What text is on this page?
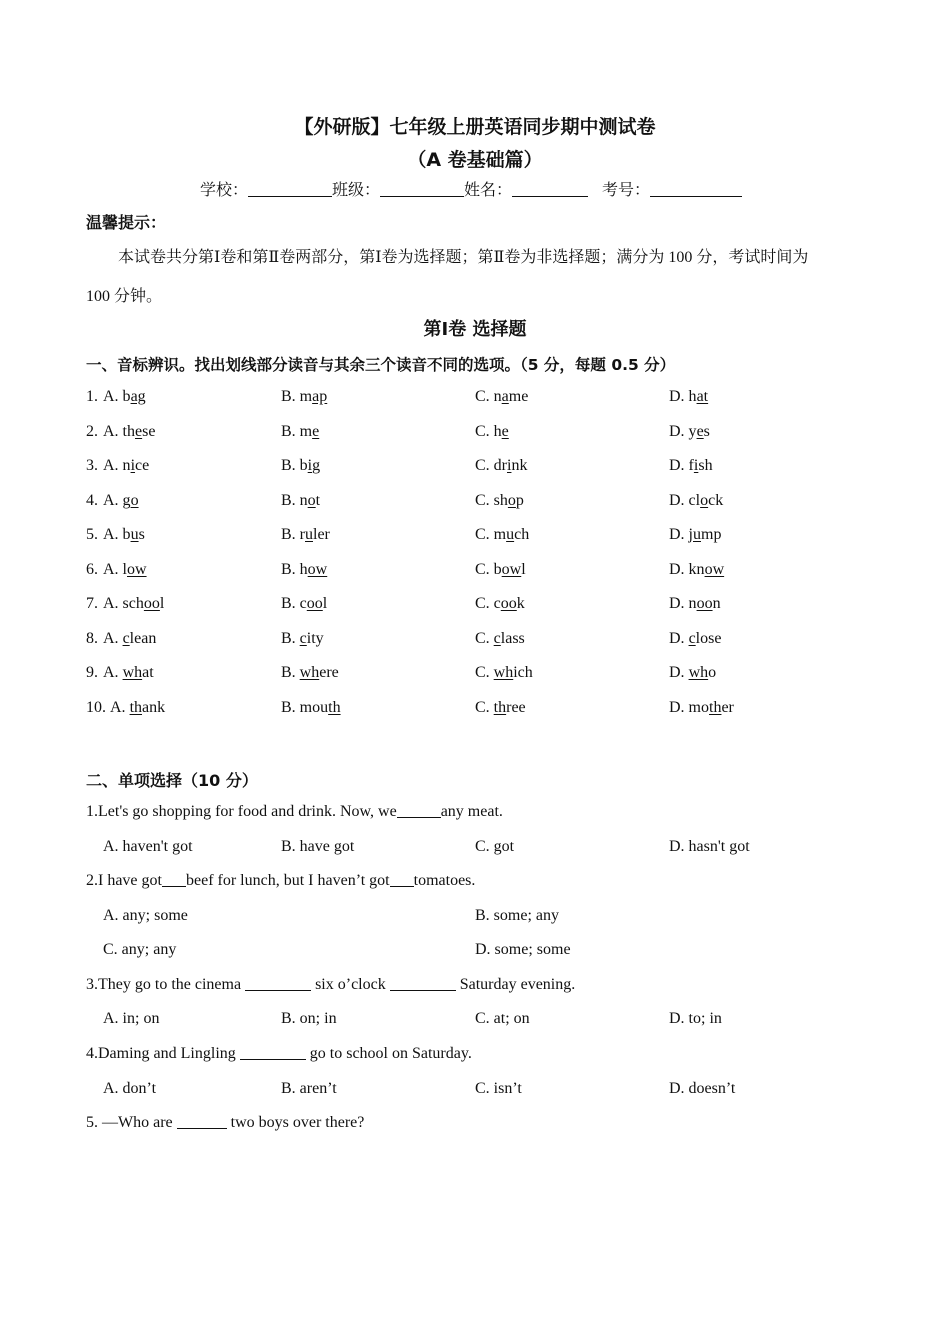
【外研版】七年级上册英语同步期中测试卷
（A 卷基础篇）
学校：	班级：	姓名：	考号：
温馨提示：
本试卷共分第Ⅰ卷和第Ⅱ卷两部分，第Ⅰ卷为选择题；第Ⅱ卷为非选择题；满分为 100 分，考试时间为
100 分钟。
第Ⅰ卷 选择题
一、音标辨识。找出划线部分读音与其余三个读音不同的选项。（5 分，每题 0.5 分）
1. A. bag	B. map	C. name	D. hat
2. A. these	B. me	C. he	D. yes
3. A. nice	B. big	C. drink	D. fish
4. A. go	B. not	C. shop	D. clock
5. A. bus	B. ruler	C. much	D. jump
6. A. low	B. how	C. bowl	D. know
7. A. school	B. cool	C. cook	D. noon
8. A. clean	B. city	C. class	D. close
9. A. what	B. where	C. which	D. who
10. A. thank	B. mouth	C. three	D. mother
二、单项选择（10 分）
1.Let's go shopping for food and drink. Now, we	any meat.
A. haven't got	B. have got	C. got	D. hasn't got
2.I have got beef for lunch, but I haven’t got tomatoes.
A. any; some	B. some; any
C. any; any	D. some; some
3.They go to the cinema	six o’clock	Saturday evening.
A. in; on	B. on; in	C. at; on	D. to; in
4.Daming and Lingling	go to school on Saturday.
A. don’t	B. aren’t	C. isn’t	D. doesn’t
5. —Who are	two boys over there?
